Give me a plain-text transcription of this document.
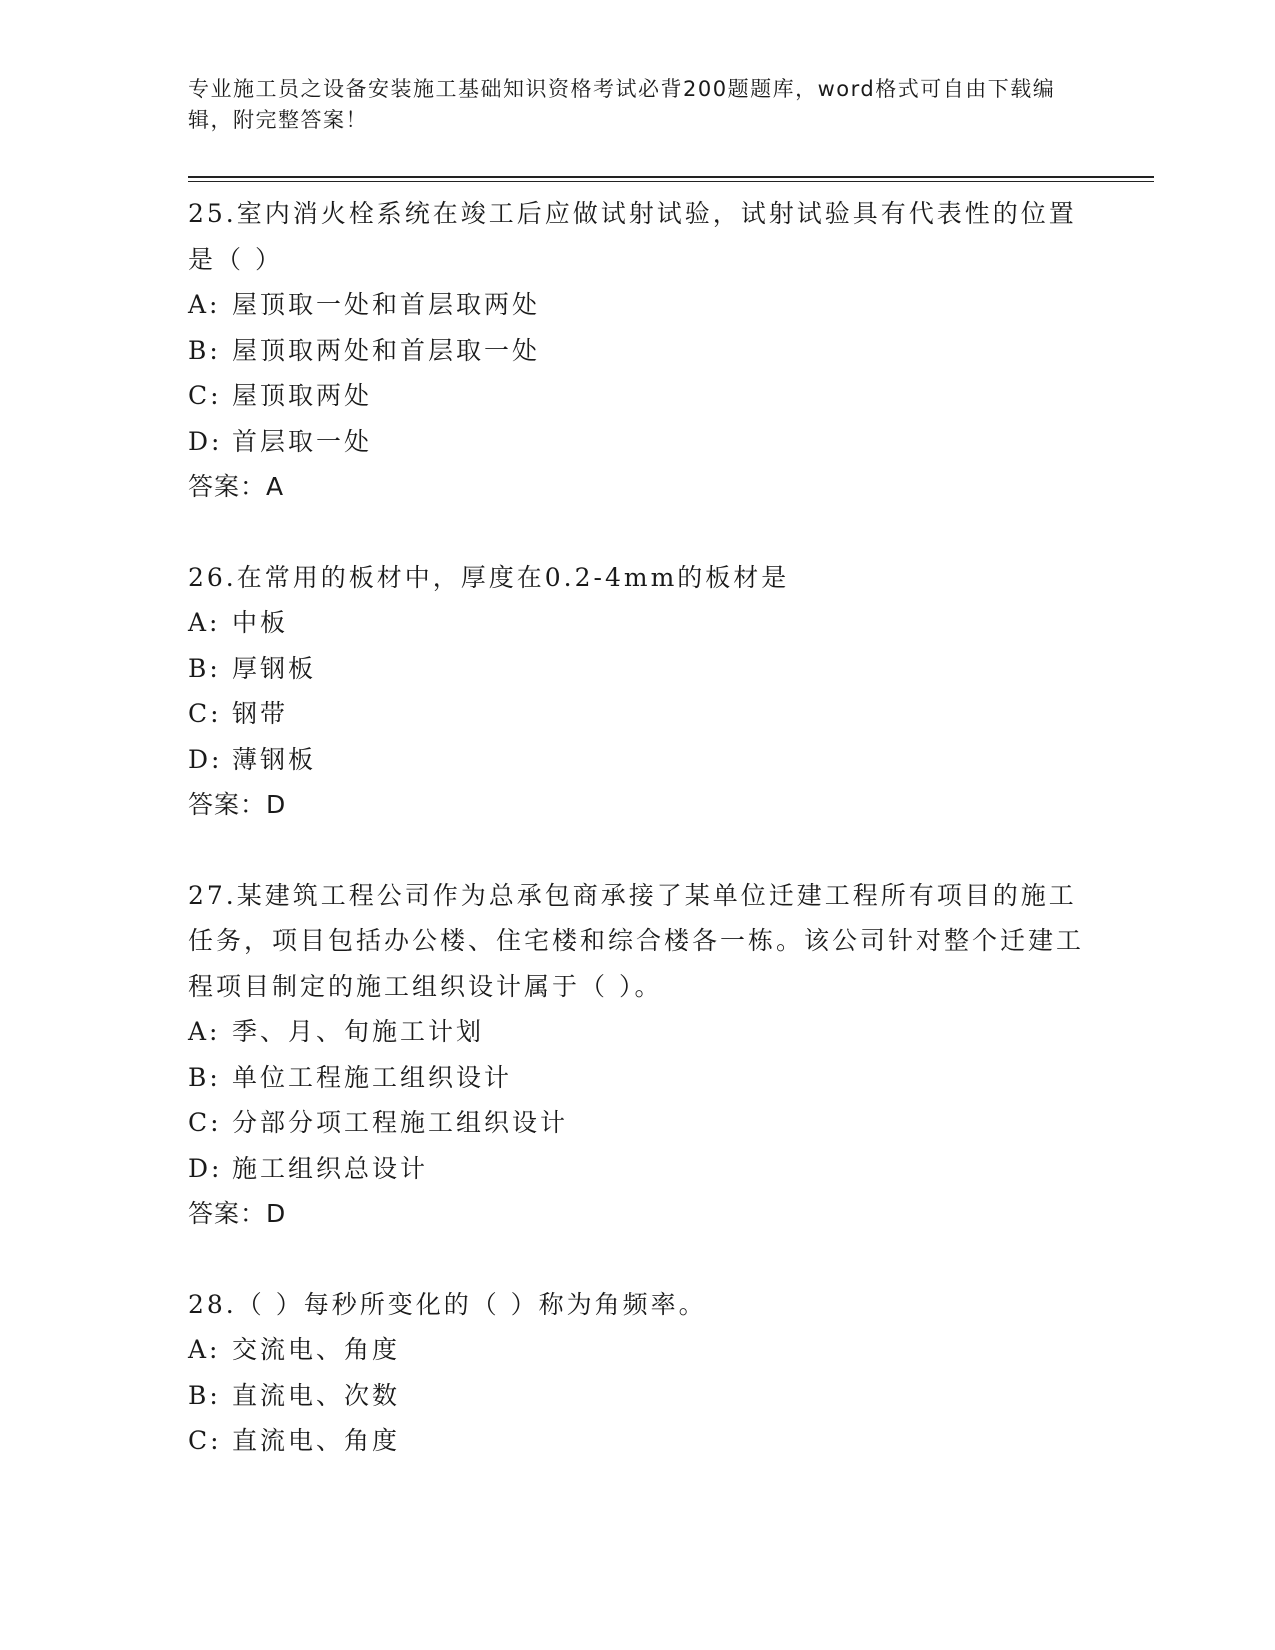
专业施工员之设备安装施工基础知识资格考试必背200题题库，word格式可自由下载编辑，附完整答案！
25.室内消火栓系统在竣工后应做试射试验，试射试验具有代表性的位置是（ ）
A: 屋顶取一处和首层取两处
B: 屋顶取两处和首层取一处
C: 屋顶取两处
D: 首层取一处
答案：A
26.在常用的板材中，厚度在0.2-4mm的板材是
A: 中板
B: 厚钢板
C: 钢带
D: 薄钢板
答案：D
27.某建筑工程公司作为总承包商承接了某单位迁建工程所有项目的施工任务，项目包括办公楼、住宅楼和综合楼各一栋。该公司针对整个迁建工程项目制定的施工组织设计属于（ ）。
A: 季、月、旬施工计划
B: 单位工程施工组织设计
C: 分部分项工程施工组织设计
D: 施工组织总设计
答案：D
28.（ ）每秒所变化的（ ）称为角频率。
A: 交流电、角度
B: 直流电、次数
C: 直流电、角度
